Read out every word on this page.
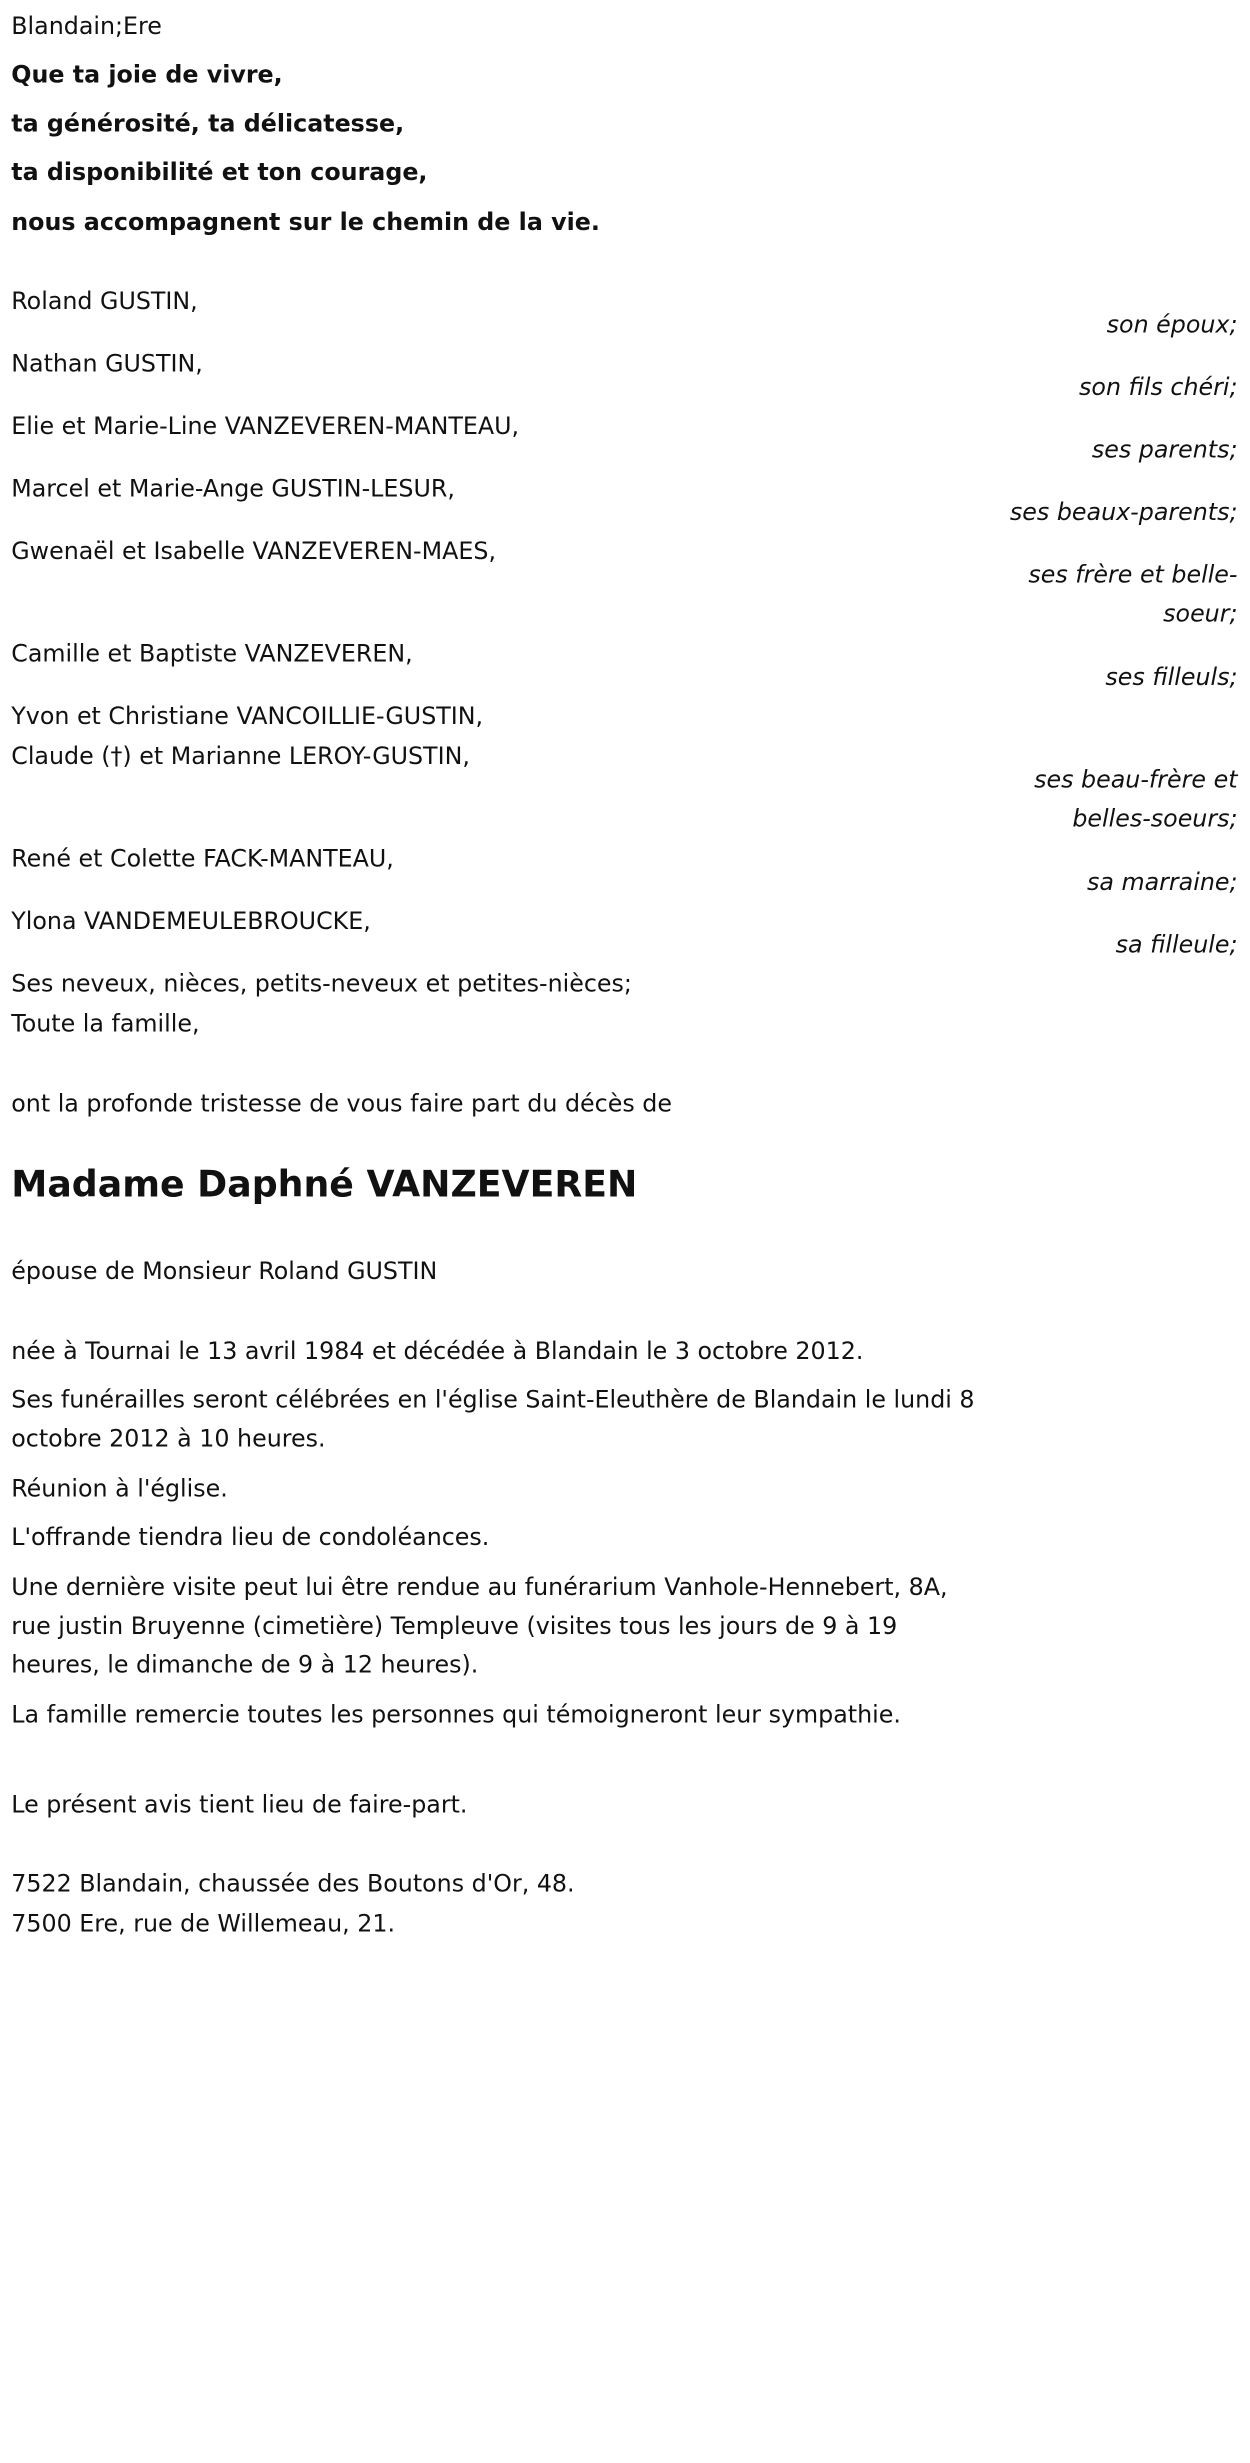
Blandain;Ere
Que ta joie de vivre,
ta générosité, ta délicatesse,
ta disponibilité et ton courage,
nous accompagnent sur le chemin de la vie.
Roland GUSTIN,
son époux;
Nathan GUSTIN,
son fils chéri;
Elie et Marie-Line VANZEVEREN-MANTEAU,
ses parents;
Marcel et Marie-Ange GUSTIN-LESUR,
ses beaux-parents;
Gwenaël et Isabelle VANZEVEREN-MAES,
ses frère et belle-soeur;
Camille et Baptiste VANZEVEREN,
ses filleuls;
Yvon et Christiane VANCOILLIE-GUSTIN,
Claude (†) et Marianne LEROY-GUSTIN,
ses beau-frère et belles-soeurs;
René et Colette FACK-MANTEAU,
sa marraine;
Ylona VANDEMEULEBROUCKE,
sa filleule;
Ses neveux, nièces, petits-neveux et petites-nièces;
Toute la famille,
ont la profonde tristesse de vous faire part du décès de
Madame Daphné VANZEVEREN
épouse de Monsieur Roland GUSTIN
née à Tournai le 13 avril 1984 et décédée à Blandain le 3 octobre 2012.
Ses funérailles seront célébrées en l'église Saint-Eleuthère de Blandain le lundi 8 octobre 2012 à 10 heures.
Réunion à l'église.
L'offrande tiendra lieu de condoléances.
Une dernière visite peut lui être rendue au funérarium Vanhole-Hennebert, 8A, rue justin Bruyenne (cimetière) Templeuve (visites tous les jours de 9 à 19 heures, le dimanche de 9 à 12 heures).
La famille remercie toutes les personnes qui témoigneront leur sympathie.
Le présent avis tient lieu de faire-part.
7522 Blandain, chaussée des Boutons d'Or, 48.
7500 Ere, rue de Willemeau, 21.
